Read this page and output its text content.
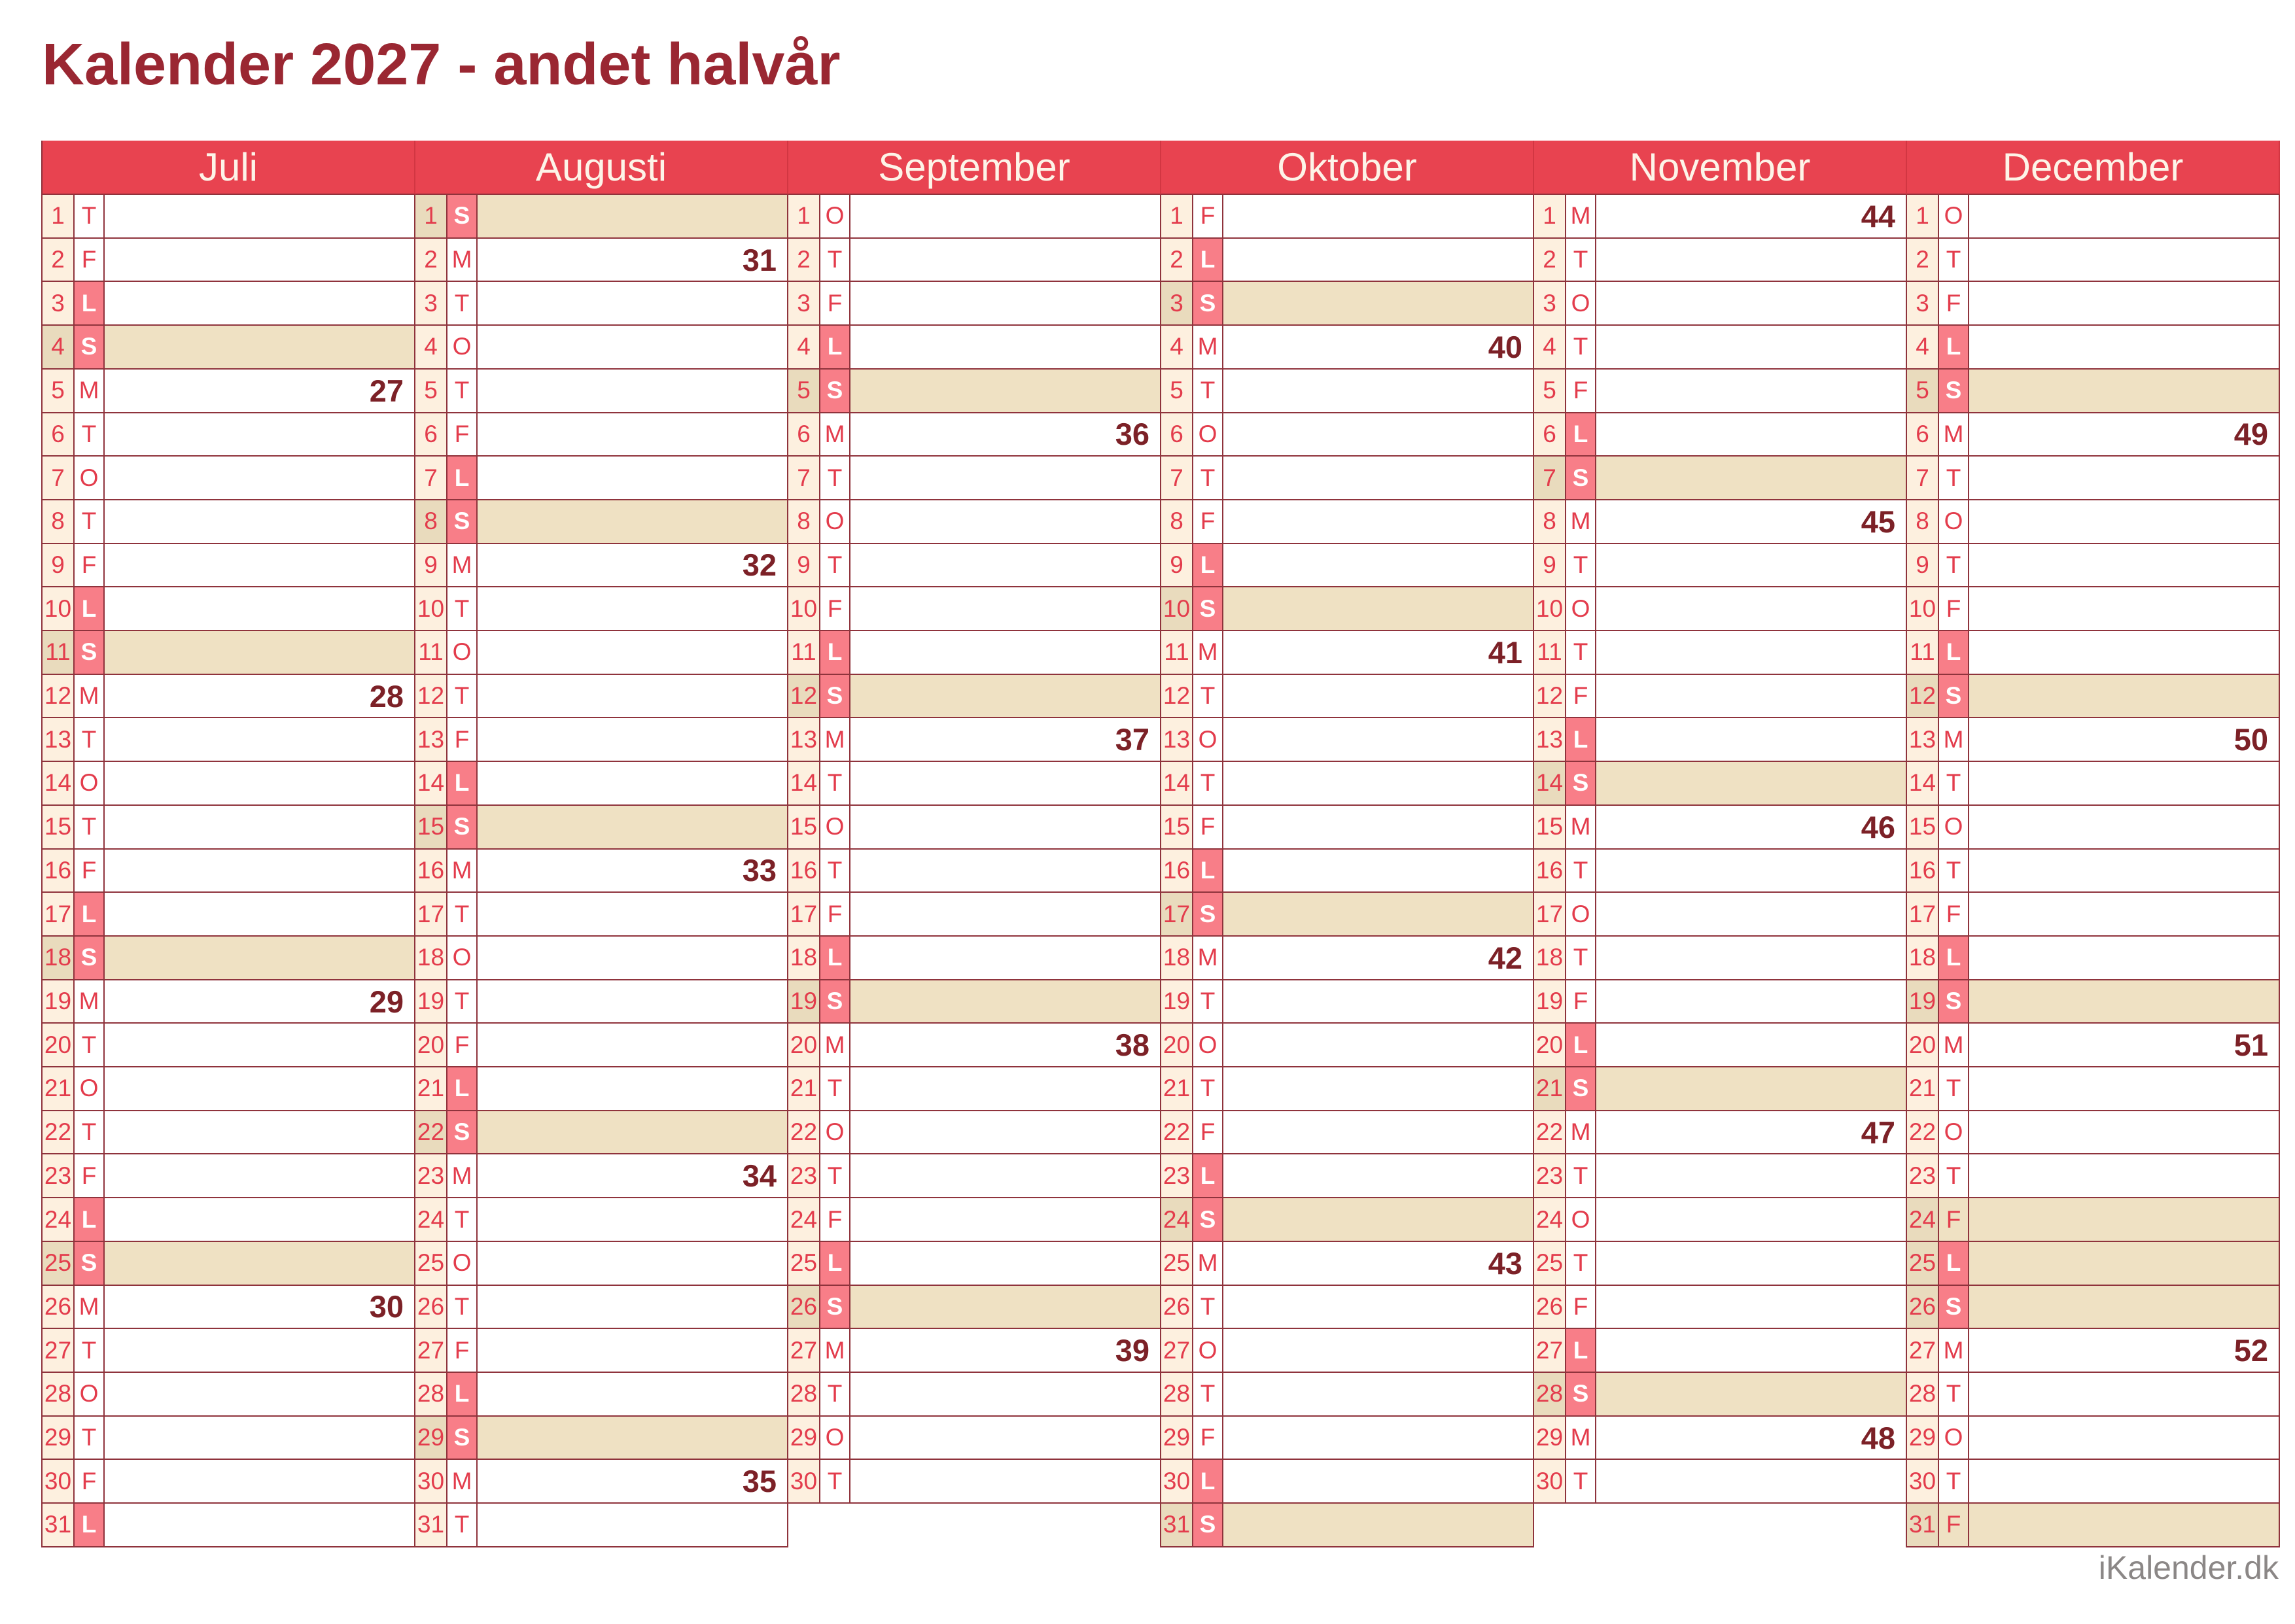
Kalender 2027 - andet halvår
Juli
1 T
2 F
3 L
4 S
5 M	27
6 T
7 O
8 T
9 F
10 L
11 S
12 M	28
13 T
14 O
15 T
16 F
17 L
18 S
19 M	29
20 T
21 O
22 T
23 F
24 L
25 S
26 M	30
27 T
28 O
29 T
30 F
31 L
Augusti
1 S
2 M	31
3 T
4 O
5 T
6 F
7 L
8 S
9 M	32
10 T
11 O
12 T
13 F
14 L
15 S
16 M	33
17 T
18 O
19 T
20 F
21 L
22 S
23 M	34
24 T
25 O
26 T
27 F
28 L
29 S
30 M	35
31 T
September
1 O
2 T
3 F
4 L
5 S
6 M	36
7 T
8 O
9 T
10 F
11 L
12 S
13 M	37
14 T
15 O
16 T
17 F
18 L
19 S
20 M	38
21 T
22 O
23 T
24 F
25 L
26 S
27 M	39
28 T
29 O
30 T
Oktober
1 F
2 L
3 S
4 M	40
5 T
6 O
7 T
8 F
9 L
10 S
11 M	41
12 T
13 O
14 T
15 F
16 L
17 S
18 M	42
19 T
20 O
21 T
22 F
23 L
24 S
25 M	43
26 T
27 O
28 T
29 F
30 L
31 S
November
1 M	44
2 T
3 O
4 T
5 F
6 L
7 S
8 M	45
9 T
10 O
11 T
12 F
13 L
14 S
15 M	46
16 T
17 O
18 T
19 F
20 L
21 S
22 M	47
23 T
24 O
25 T
26 F
27 L
28 S
29 M	48
30 T
December
1 O
2 T
3 F
4 L
5 S
6 M	49
7 T
8 O
9 T
10 F
11 L
12 S
13 M	50
14 T
15 O
16 T
17 F
18 L
19 S
20 M	51
21 T
22 O
23 T
24 F
25 L
26 S
27 M	52
28 T
29 O
30 T
31 F
iKalender.dk
